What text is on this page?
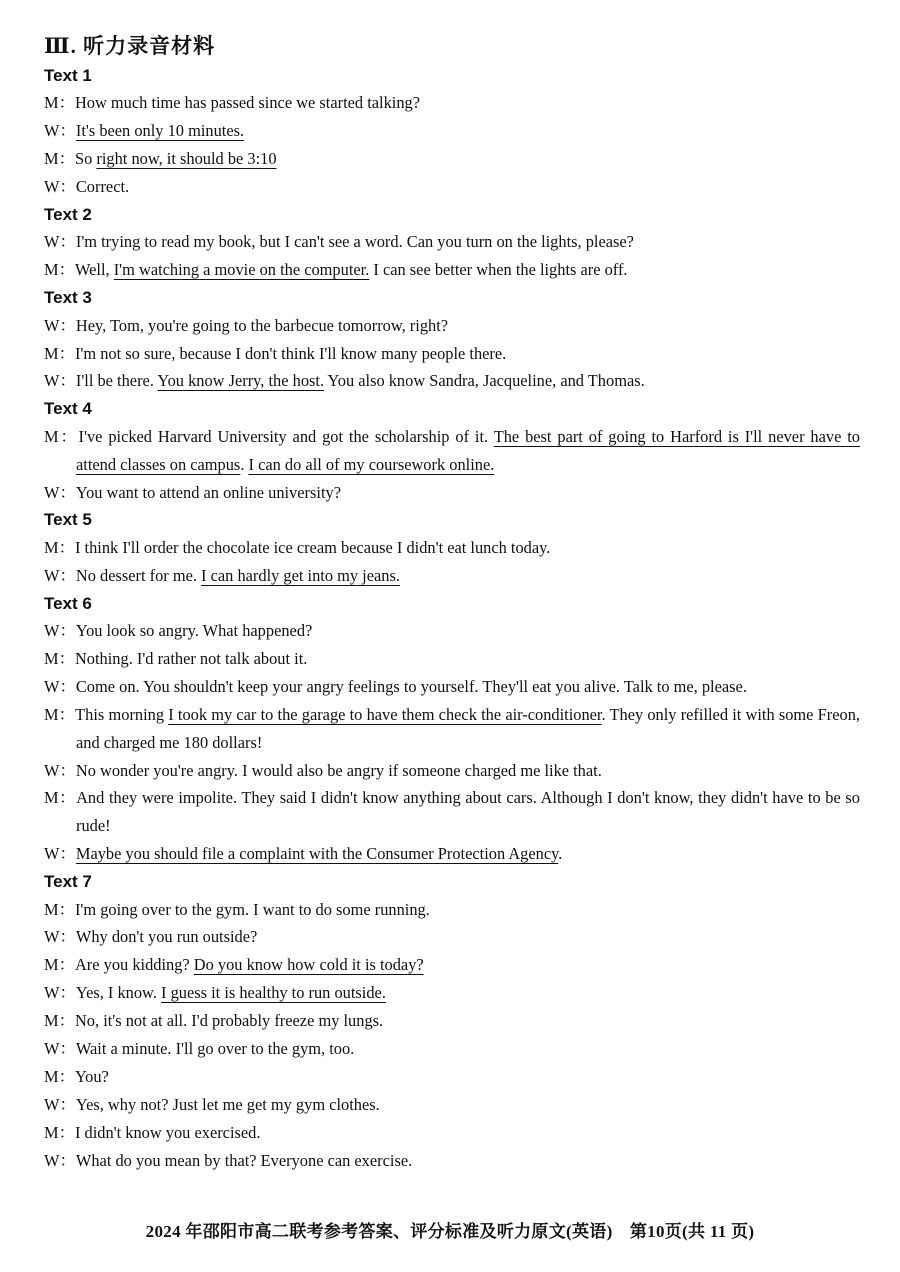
Ⅲ. 听力录音材料
Text 1
M：How much time has passed since we started talking?
W：It's been only 10 minutes.
M：So right now, it should be 3:10
W：Correct.
Text 2
W：I'm trying to read my book, but I can't see a word. Can you turn on the lights, please?
M：Well, I'm watching a movie on the computer. I can see better when the lights are off.
Text 3
W：Hey, Tom, you're going to the barbecue tomorrow, right?
M：I'm not so sure, because I don't think I'll know many people there.
W：I'll be there. You know Jerry, the host. You also know Sandra, Jacqueline, and Thomas.
Text 4
M：I've picked Harvard University and got the scholarship of it. The best part of going to Harford is I'll never have to attend classes on campus. I can do all of my coursework online.
W：You want to attend an online university?
Text 5
M：I think I'll order the chocolate ice cream because I didn't eat lunch today.
W：No dessert for me. I can hardly get into my jeans.
Text 6
W：You look so angry. What happened?
M：Nothing. I'd rather not talk about it.
W：Come on. You shouldn't keep your angry feelings to yourself. They'll eat you alive. Talk to me, please.
M：This morning I took my car to the garage to have them check the air-conditioner. They only refilled it with some Freon, and charged me 180 dollars!
W：No wonder you're angry. I would also be angry if someone charged me like that.
M：And they were impolite. They said I didn't know anything about cars. Although I don't know, they didn't have to be so rude!
W：Maybe you should file a complaint with the Consumer Protection Agency.
Text 7
M：I'm going over to the gym. I want to do some running.
W：Why don't you run outside?
M：Are you kidding? Do you know how cold it is today?
W：Yes, I know. I guess it is healthy to run outside.
M：No, it's not at all. I'd probably freeze my lungs.
W：Wait a minute. I'll go over to the gym, too.
M：You?
W：Yes, why not? Just let me get my gym clothes.
M：I didn't know you exercised.
W：What do you mean by that? Everyone can exercise.
2024 年邵阳市高二联考参考答案、评分标准及听力原文(英语)　第10页(共 11 页)
